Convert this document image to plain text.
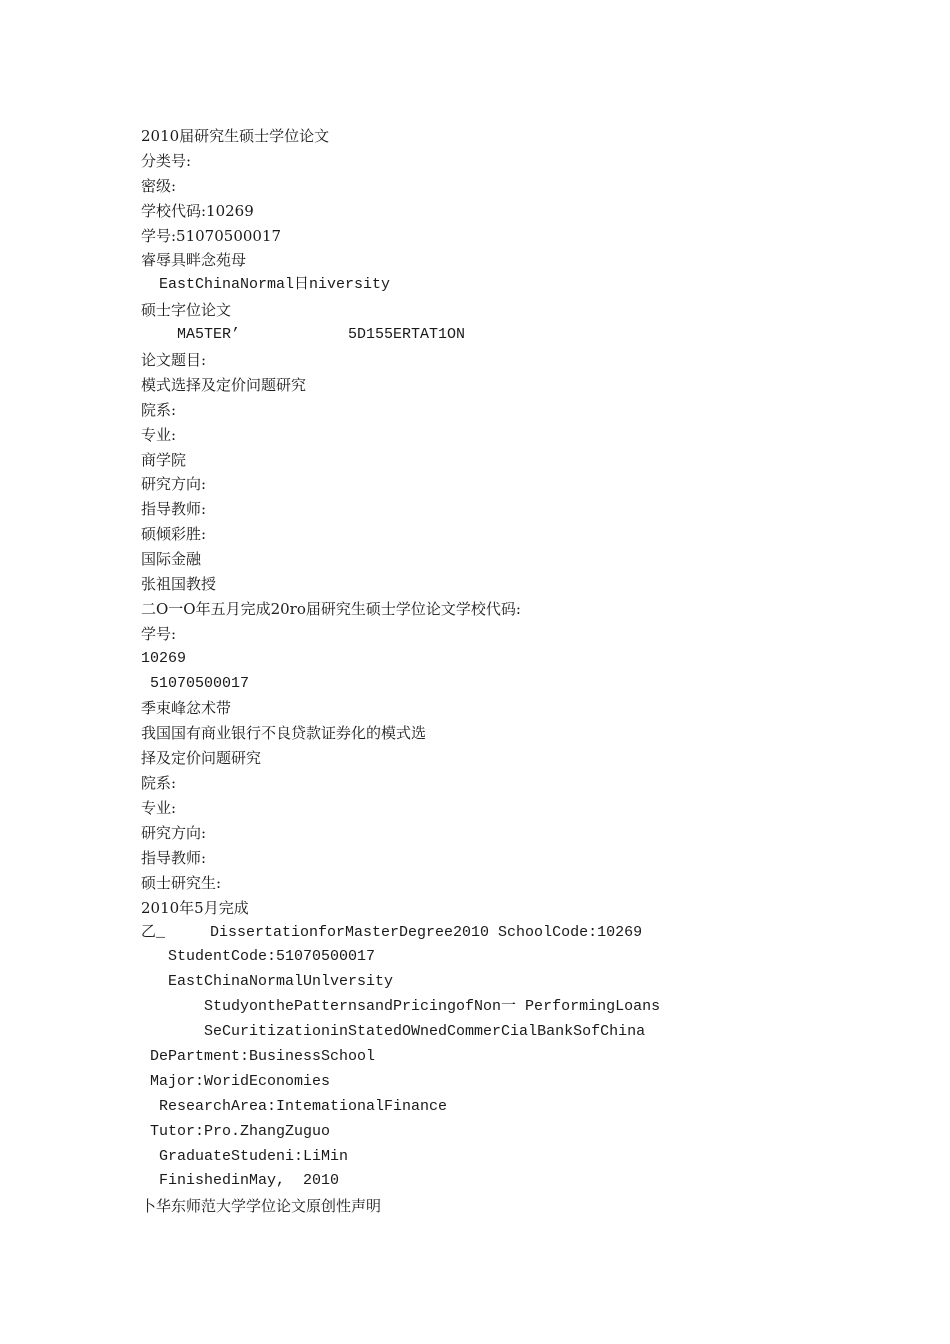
2010届研究生硕士学位论文
分类号:
密级:
学校代码:10269
学号:51070500017
睿辱具畔念苑母
EastChinaNormal日niversity
硕士字位论文
MA5TER’            5D155ERTAT1ON
论文题目:
模式选择及定价问题研究
院系:
专业:
商学院
研究方向:
指导教师:
硕倾彩胜:
国际金融
张祖国教授
二O一O年五月完成20ro届研究生硕士学位论文学校代码:
学号:
10269
51070500017
季束峰忿术带
我国国有商业银行不良贷款证券化的模式选
择及定价问题研究
院系:
专业:
研究方向:
指导教师:
硕士研究生:
2010年5月完成
乙_     DissertationforMasterDegree2010 SchoolCode:10269
StudentCode:51070500017
EastChinaNormalUnlversity
StudyonthePatternsandPricingofNon一 PerformingLoans
SeCuritizationinStatedOWnedCommerCialBankSofChina
DePartment:BusinessSchool
Major:WoridEconomies
ResearchArea:IntemationalFinance
Tutor:Pro.ZhangZuguo
GraduateStudeni:LiMin
FinishedinMay,  2010
卜华东师范大学学位论文原创性声明
